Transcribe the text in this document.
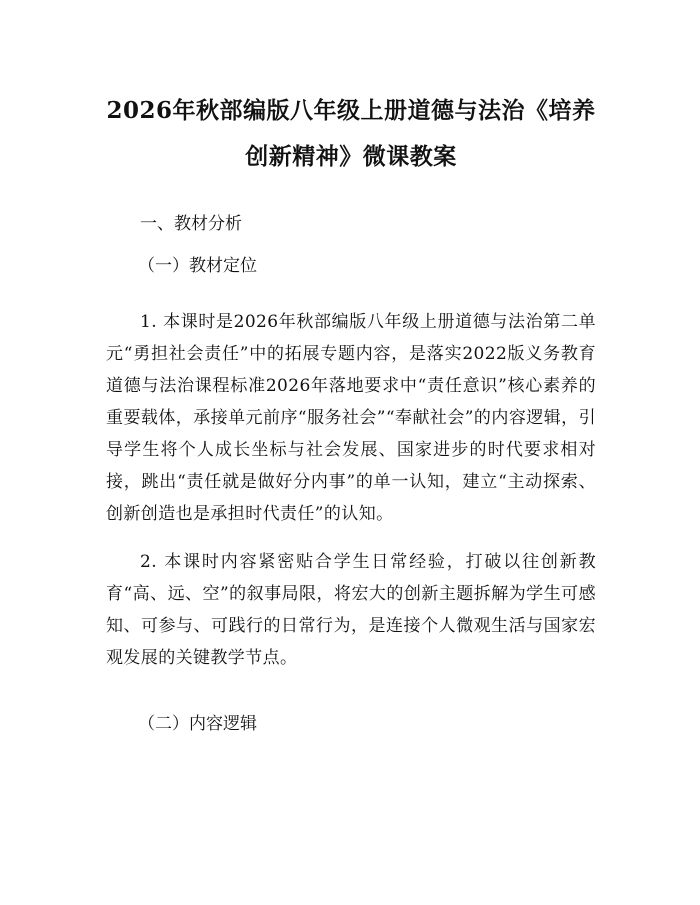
2026年秋部编版八年级上册道德与法治《培养创新精神》微课教案

一、教材分析

（一）教材定位

1. 本课时是2026年秋部编版八年级上册道德与法治第二单元“勇担社会责任”中的拓展专题内容，是落实2022版义务教育道德与法治课程标准2026年落地要求中“责任意识”核心素养的重要载体，承接单元前序“服务社会”“奉献社会”的内容逻辑，引导学生将个人成长坐标与社会发展、国家进步的时代要求相对接，跳出“责任就是做好分内事”的单一认知，建立“主动探索、创新创造也是承担时代责任”的认知。

2. 本课时内容紧密贴合学生日常经验，打破以往创新教育“高、远、空”的叙事局限，将宏大的创新主题拆解为学生可感知、可参与、可践行的日常行为，是连接个人微观生活与国家宏观发展的关键教学节点。

（二）内容逻辑
